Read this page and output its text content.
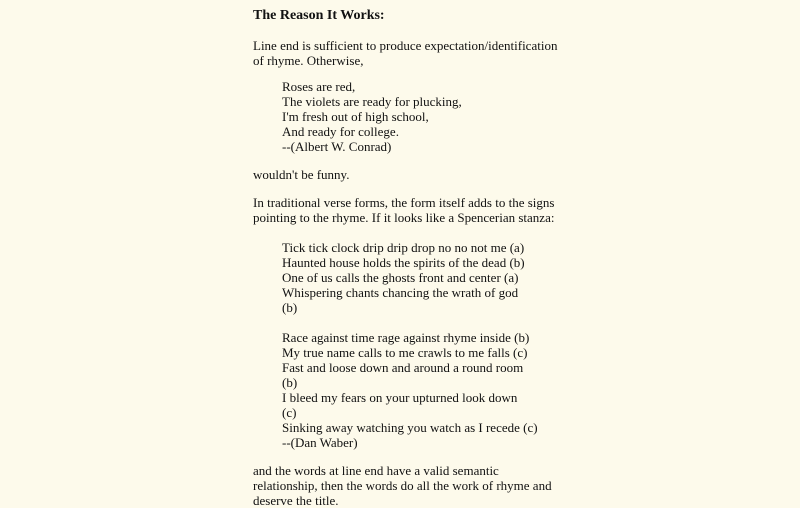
The Reason It Works:
Line end is sufficient to produce expectation/identification
of rhyme. Otherwise,
Roses are red,
The violets are ready for plucking,
I'm fresh out of high school,
And ready for college.
--(Albert W. Conrad)
wouldn't be funny.
In traditional verse forms, the form itself adds to the signs
pointing to the rhyme. If it looks like a Spencerian stanza:
Tick tick clock drip drip drop no no not me (a)
Haunted house holds the spirits of the dead (b)
One of us calls the ghosts front and center (a)
Whispering chants chancing the wrath of god
(b)
Race against time rage against rhyme inside (b)
My true name calls to me crawls to me falls (c)
Fast and loose down and around a round room
(b)
I bleed my fears on your upturned look down
(c)
Sinking away watching you watch as I recede (c)
--(Dan Waber)
and the words at line end have a valid semantic
relationship, then the words do all the work of rhyme and
deserve the title.
